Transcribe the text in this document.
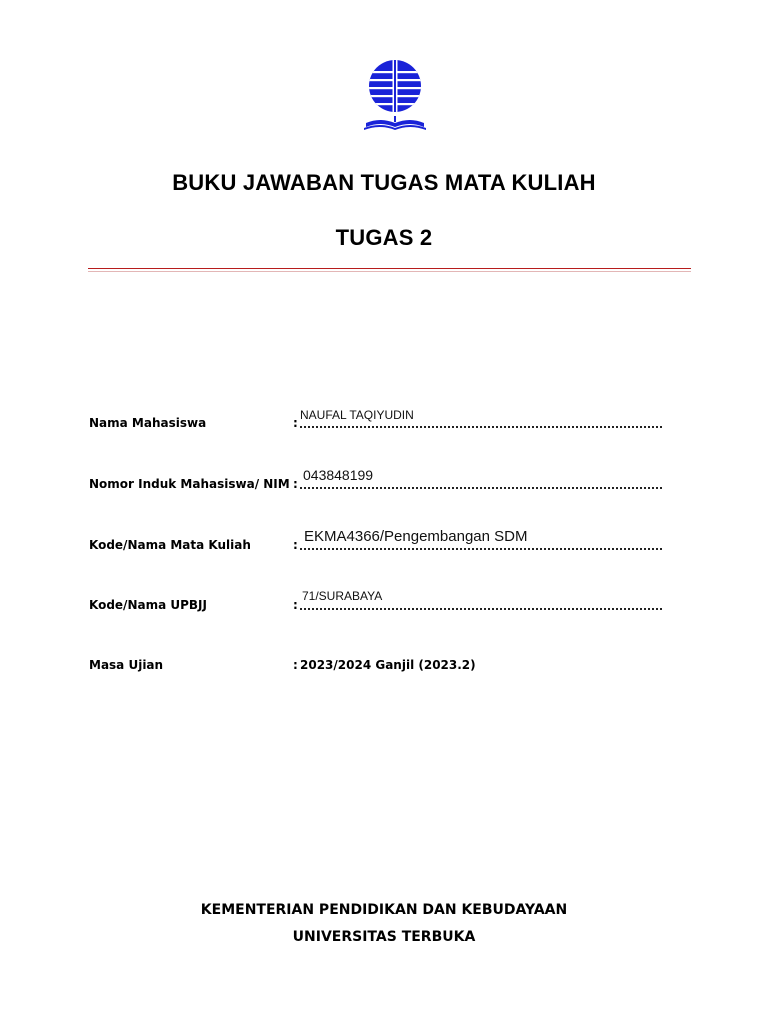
BUKU JAWABAN TUGAS MATA KULIAH
TUGAS 2
Nama Mahasiswa	:
NAUFAL TAQIYUDIN
Nomor Induk Mahasiswa/ NIM :
043848199
Kode/Nama Mata Kuliah	: EKMA4366/Pengembangan SDM
Kode/Nama UPBJJ	:
71/SURABAYA
Masa Ujian	: 2023/2024 Ganjil (2023.2)
KEMENTERIAN PENDIDIKAN DAN KEBUDAYAAN
UNIVERSITAS TERBUKA
